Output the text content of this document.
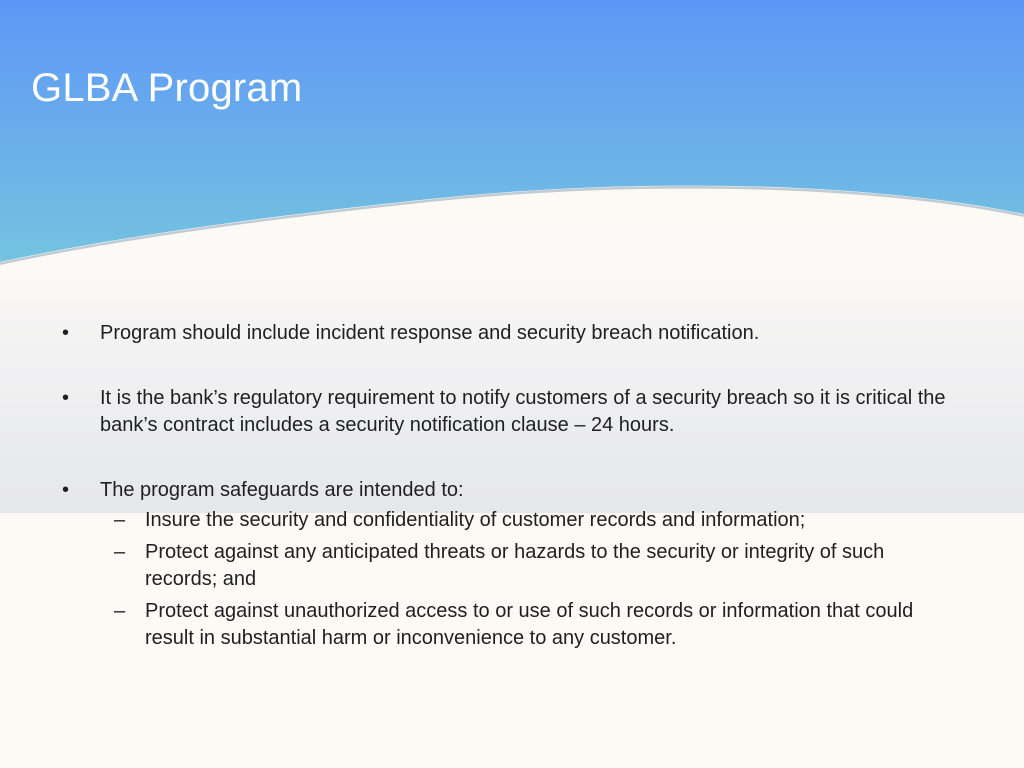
GLBA Program
• Program should include incident response and security breach notification.
• It is the bank’s regulatory requirement to notify customers of a security breach so it is critical the bank’s contract includes a security notification clause – 24 hours.
• The program safeguards are intended to:
– Insure the security and confidentiality of customer records and information;
– Protect against any anticipated threats or hazards to the security or integrity of such records; and
– Protect against unauthorized access to or use of such records or information that could result in substantial harm or inconvenience to any customer.
